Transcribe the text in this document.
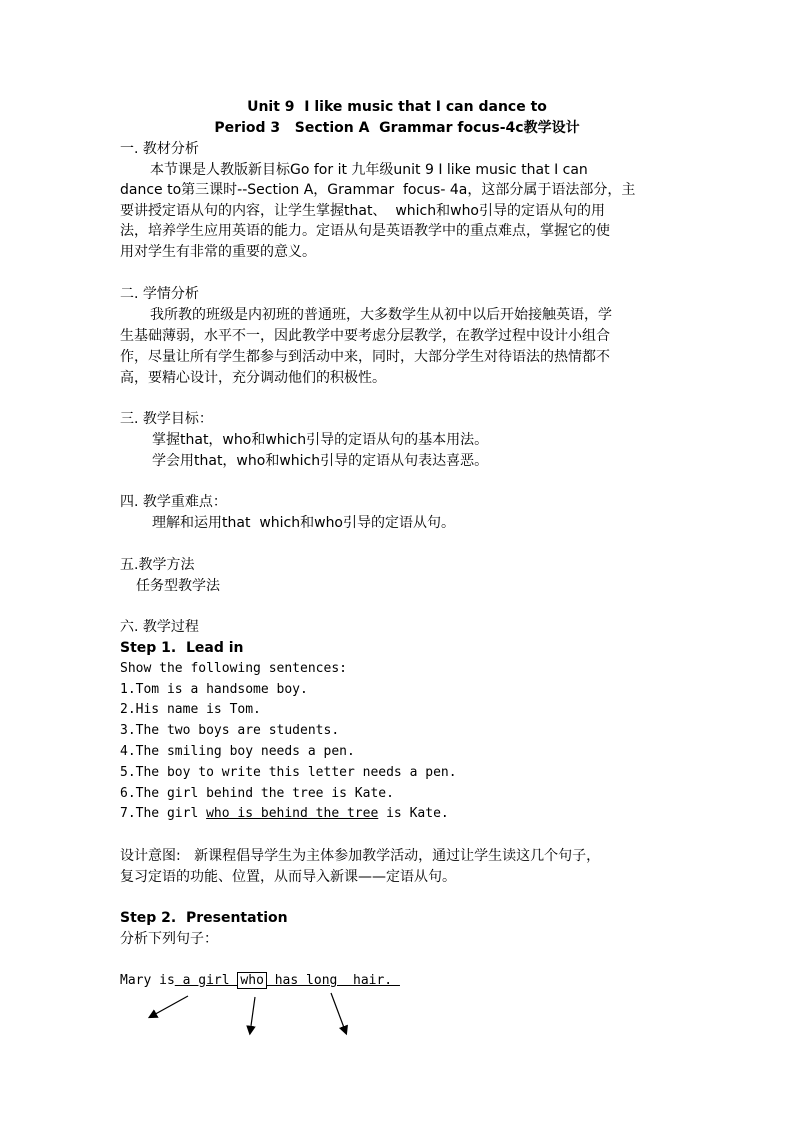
Unit 9  I like music that I can dance to
Period 3   Section A  Grammar focus-4c教学设计
一. 教材分析
本节课是人教版新目标Go for it 九年级unit 9 I like music that I can
dance to第三课时--Section A，Grammar  focus- 4a，这部分属于语法部分，主
要讲授定语从句的内容，让学生掌握that、  which和who引导的定语从句的用
法，培养学生应用英语的能力。定语从句是英语教学中的重点难点，掌握它的使
用对学生有非常的重要的意义。
二. 学情分析
我所教的班级是内初班的普通班，大多数学生从初中以后开始接触英语，学
生基础薄弱，水平不一，因此教学中要考虑分层教学，在教学过程中设计小组合
作，尽量让所有学生都参与到活动中来，同时，大部分学生对待语法的热情都不
高，要精心设计，充分调动他们的积极性。
三. 教学目标：
掌握that，who和which引导的定语从句的基本用法。
学会用that，who和which引导的定语从句表达喜恶。
四. 教学重难点：
理解和运用that  which和who引导的定语从句。
五.教学方法
任务型教学法
六. 教学过程
Step 1.  Lead in
Show the following sentences:
1.Tom is a handsome boy.
2.His name is Tom.
3.The two boys are students.
4.The smiling boy needs a pen.
5.The boy to write this letter needs a pen.
6.The girl behind the tree is Kate.
7.The girl who is behind the tree is Kate.
设计意图:   新课程倡导学生为主体参加教学活动，通过让学生读这几个句子，
复习定语的功能、位置，从而导入新课——定语从句。
Step 2.  Presentation
分析下列句子：
Mary is a girl who has long  hair.
